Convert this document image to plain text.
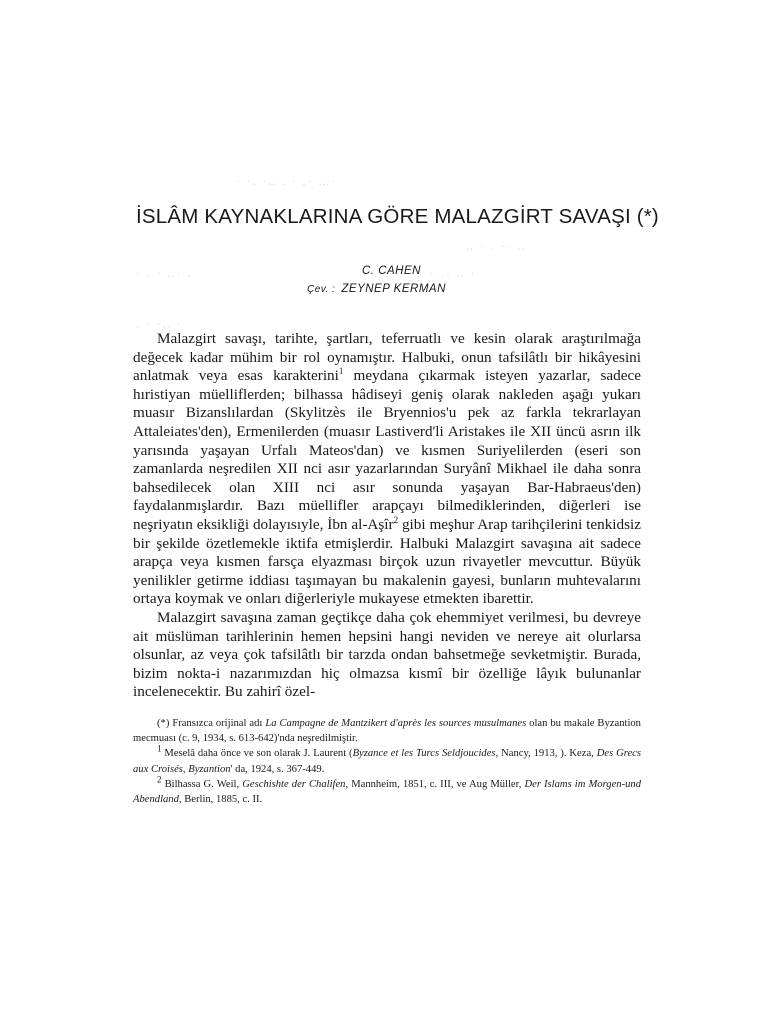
· ·․ ·‥ . · ․· …·
‥ · ․ ·· ‥
· ․ · ‥· ․	· ․· ‥ ·
․ · ·‥ ·
İSLÂM KAYNAKLARINA GÖRE MALAZGİRT SAVAŞI (*)
C. CAHEN
Çev. : ZEYNEP KERMAN

Malazgirt savaşı, tarihte, şartları, teferruatlı ve kesin olarak araştırılmağa değecek kadar mühim bir rol oynamıştır. Halbuki, onun tafsilâtlı bir hikâyesini anlatmak veya esas karakterini$^1$ meydana çıkarmak isteyen yazarlar, sadece hıristiyan müelliflerden; bilhassa hâdiseyi geniş olarak nakleden aşağı yukarı muasır Bizanslılardan (Skylitzès ile Bryennios'u pek az farkla tekrarlayan Attaleiates'den), Ermenilerden (muasır Lastiverd'li Aristakes ile XII üncü asrın ilk yarısında yaşayan Urfalı Mateos'dan) ve kısmen Suriyelilerden (eseri son zamanlarda neşredilen XII nci asır yazarlarından Suryânî Mikhael ile daha sonra bahsedilecek olan XIII nci asır sonunda yaşayan Bar-Habraeus'den) faydalanmışlardır. Bazı müellifler arapçayı bilmediklerinden, diğerleri ise neşriyatın eksikliği dolayısıyle, İbn al-Aşîr$^2$ gibi meşhur Arap tarihçilerini tenkidsiz bir şekilde özetlemekle iktifa etmişlerdir. Halbuki Malazgirt savaşına ait sadece arapça veya kısmen farsça elyazması birçok uzun rivayetler mevcuttur. Büyük yenilikler getirme iddiası taşımayan bu makalenin gayesi, bunların muhtevalarını ortaya koymak ve onları diğerleriyle mukayese etmekten ibarettir.

Malazgirt savaşına zaman geçtikçe daha çok ehemmiyet verilmesi, bu devreye ait müslüman tarihlerinin hemen hepsini hangi neviden ve nereye ait olurlarsa olsunlar, az veya çok tafsilâtlı bir tarzda ondan bahsetmeğe sevketmiştir. Burada, bizim nokta-i nazarımızdan hiç olmazsa kısmî bir özelliğe lâyık bulunanlar incelenecektir. Bu zahirî özel-

(*) Fransızca orijinal adı La Campagne de Mantzikert d'après les sources musulmanes olan bu makale Byzantion mecmuası (c. 9, 1934, s. 613-642)'nda neşredilmiştir.

$^1$ Meselâ daha önce ve son olarak J. Laurent (Byzance et les Turcs Seldjoucides, Nancy, 1913, ). Keza, Des Grecs aux Croisés, Byzantion' da, 1924, s. 367-449.

$^2$ Bilhassa G. Weil, Geschishte der Chalifen, Mannheim, 1851, c. III, ve Aug Müller, Der Islams im Morgen-und Abendland, Berlin, 1885, c. II.
